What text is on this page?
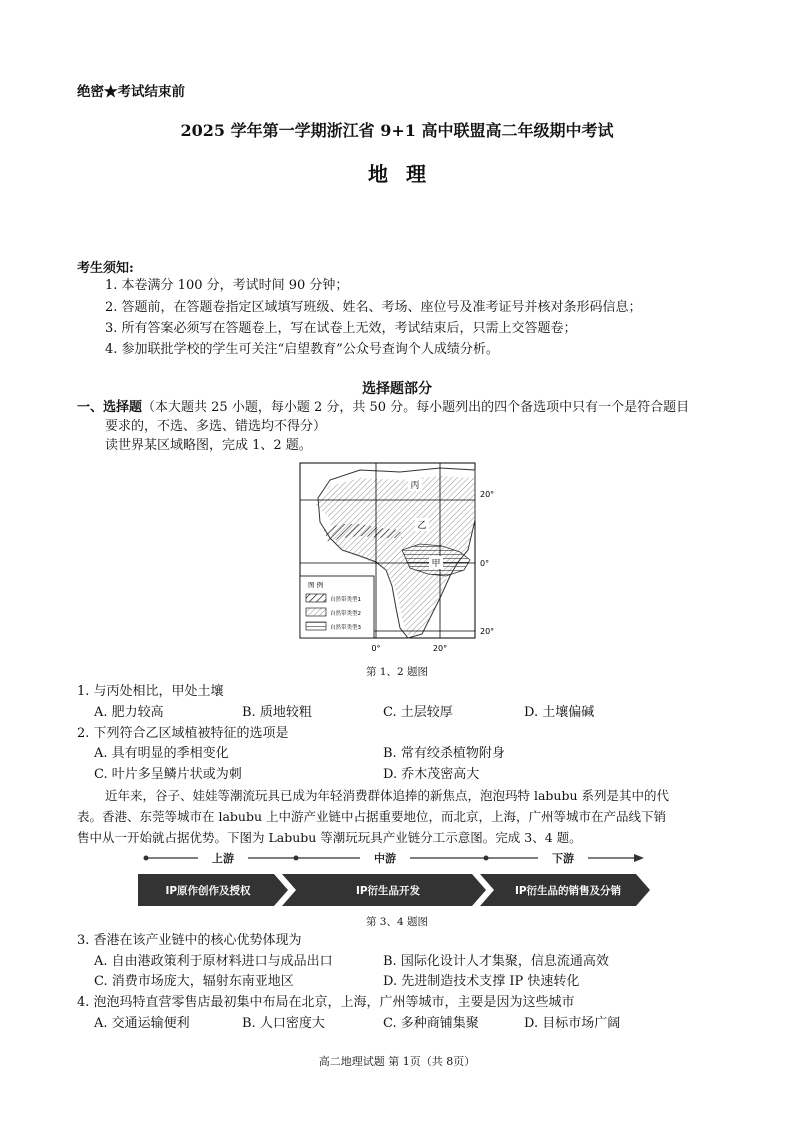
绝密★考试结束前
2025 学年第一学期浙江省 9+1 高中联盟高二年级期中考试
地理
考生须知:
1. 本卷满分 100 分，考试时间 90 分钟；
2. 答题前，在答题卷指定区域填写班级、姓名、考场、座位号及准考证号并核对条形码信息；
3. 所有答案必须写在答题卷上，写在试卷上无效，考试结束后，只需上交答题卷；
4. 参加联批学校的学生可关注“启望教育”公众号查询个人成绩分析。
选择题部分
一、选择题（本大题共 25 小题，每小题 2 分，共 50 分。每小题列出的四个备选项中只有一个是符合题目
要求的，不选、多选、错选均不得分）
读世界某区域略图，完成 1、2 题。
丙
乙
甲
20°
0°
20°
0°	20°
图 例
自然带类型1
自然带类型2
自然带类型3
第 1、2 题图
1. 与丙处相比，甲处土壤
A. 肥力较高	B. 质地较粗	C. 土层较厚	D. 土壤偏碱
2. 下列符合乙区域植被特征的选项是
A. 具有明显的季相变化	B. 常有绞杀植物附身
C. 叶片多呈鳞片状或为刺	D. 乔木茂密高大
近年来，谷子、娃娃等潮流玩具已成为年轻消费群体追捧的新焦点，泡泡玛特 labubu 系列是其中的代
表。香港、东莞等城市在 labubu 上中游产业链中占据重要地位，而北京，上海，广州等城市在产品线下销
售中从一开始就占据优势。下图为 Labubu 等潮玩玩具产业链分工示意图。完成 3、4 题。
上游	中游	下游
IP原作创作及授权	IP衍生品开发	IP衍生品的销售及分销
第 3、4 题图
3. 香港在该产业链中的核心优势体现为
A. 自由港政策利于原材料进口与成品出口	B. 国际化设计人才集聚，信息流通高效
C. 消费市场庞大，辐射东南亚地区	D. 先进制造技术支撑 IP 快速转化
4. 泡泡玛特直营零售店最初集中布局在北京，上海，广州等城市，主要是因为这些城市
A. 交通运输便利	B. 人口密度大	C. 多种商铺集聚	D. 目标市场广阔
高二地理试题 第 1页（共 8页）
